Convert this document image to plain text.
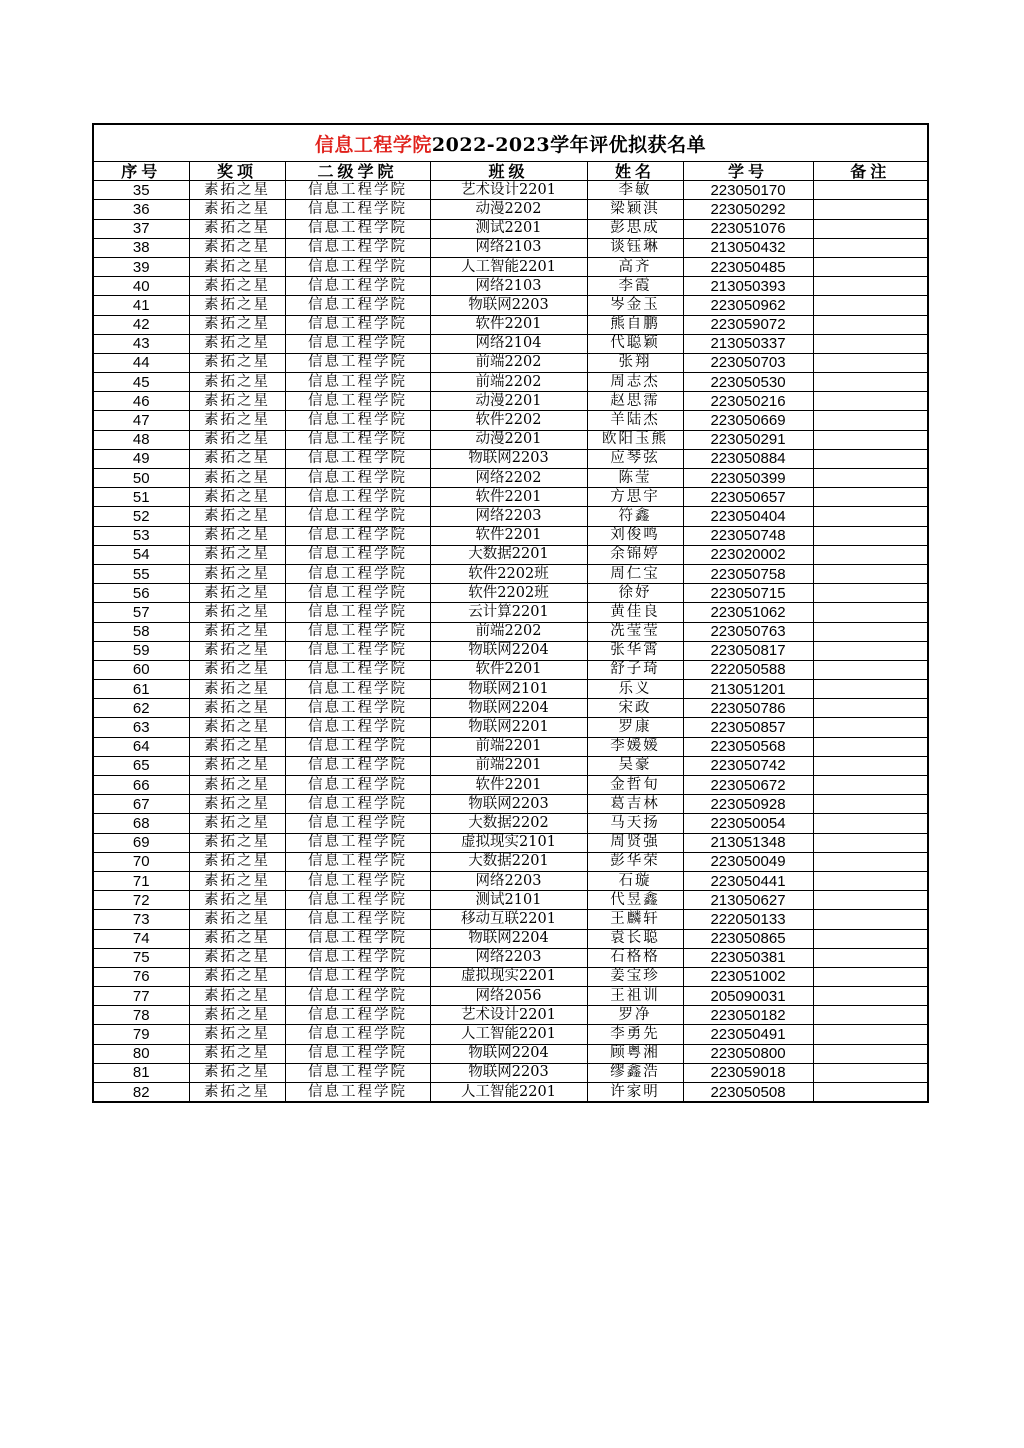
信息工程学院 2022-2023学年评优拟获名单
序号	奖项	二级学院	班级	姓名	学号	备注
35	素拓之星	信息工程学院	艺术设计2201	李敏	223050170	
36	素拓之星	信息工程学院	动漫2202	梁颖淇	223050292	
37	素拓之星	信息工程学院	测试2201	彭思成	223051076	
38	素拓之星	信息工程学院	网络2103	谈钰琳	213050432	
39	素拓之星	信息工程学院	人工智能2201	高齐	223050485	
40	素拓之星	信息工程学院	网络2103	李霞	213050393	
41	素拓之星	信息工程学院	物联网2203	岑金玉	223050962	
42	素拓之星	信息工程学院	软件2201	熊自鹏	223059072	
43	素拓之星	信息工程学院	网络2104	代聪颖	213050337	
44	素拓之星	信息工程学院	前端2202	张翔	223050703	
45	素拓之星	信息工程学院	前端2202	周志杰	223050530	
46	素拓之星	信息工程学院	动漫2201	赵思霈	223050216	
47	素拓之星	信息工程学院	软件2202	羊陆杰	223050669	
48	素拓之星	信息工程学院	动漫2201	欧阳玉熊	223050291	
49	素拓之星	信息工程学院	物联网2203	应琴弦	223050884	
50	素拓之星	信息工程学院	网络2202	陈莹	223050399	
51	素拓之星	信息工程学院	软件2201	方思宇	223050657	
52	素拓之星	信息工程学院	网络2203	符鑫	223050404	
53	素拓之星	信息工程学院	软件2201	刘俊鸣	223050748	
54	素拓之星	信息工程学院	大数据2201	余锦婷	223020002	
55	素拓之星	信息工程学院	软件2202班	周仁宝	223050758	
56	素拓之星	信息工程学院	软件2202班	徐妤	223050715	
57	素拓之星	信息工程学院	云计算2201	黄佳良	223051062	
58	素拓之星	信息工程学院	前端2202	冼莹莹	223050763	
59	素拓之星	信息工程学院	物联网2204	张华霄	223050817	
60	素拓之星	信息工程学院	软件2201	舒子琦	222050588	
61	素拓之星	信息工程学院	物联网2101	乐义	213051201	
62	素拓之星	信息工程学院	物联网2204	宋政	223050786	
63	素拓之星	信息工程学院	物联网2201	罗康	223050857	
64	素拓之星	信息工程学院	前端2201	李媛媛	223050568	
65	素拓之星	信息工程学院	前端2201	吴豪	223050742	
66	素拓之星	信息工程学院	软件2201	金哲旬	223050672	
67	素拓之星	信息工程学院	物联网2203	葛吉林	223050928	
68	素拓之星	信息工程学院	大数据2202	马天扬	223050054	
69	素拓之星	信息工程学院	虚拟现实2101	周贤强	213051348	
70	素拓之星	信息工程学院	大数据2201	彭华荣	223050049	
71	素拓之星	信息工程学院	网络2203	石璇	223050441	
72	素拓之星	信息工程学院	测试2101	代昱鑫	213050627	
73	素拓之星	信息工程学院	移动互联2201	王麟轩	222050133	
74	素拓之星	信息工程学院	物联网2204	袁长聪	223050865	
75	素拓之星	信息工程学院	网络2203	石格格	223050381	
76	素拓之星	信息工程学院	虚拟现实2201	姜宝珍	223051002	
77	素拓之星	信息工程学院	网络2056	王祖训	205090031	
78	素拓之星	信息工程学院	艺术设计2201	罗净	223050182	
79	素拓之星	信息工程学院	人工智能2201	李勇先	223050491	
80	素拓之星	信息工程学院	物联网2204	顾粤湘	223050800	
81	素拓之星	信息工程学院	物联网2203	缪鑫浩	223059018	
82	素拓之星	信息工程学院	人工智能2201	许家明	223050508	
